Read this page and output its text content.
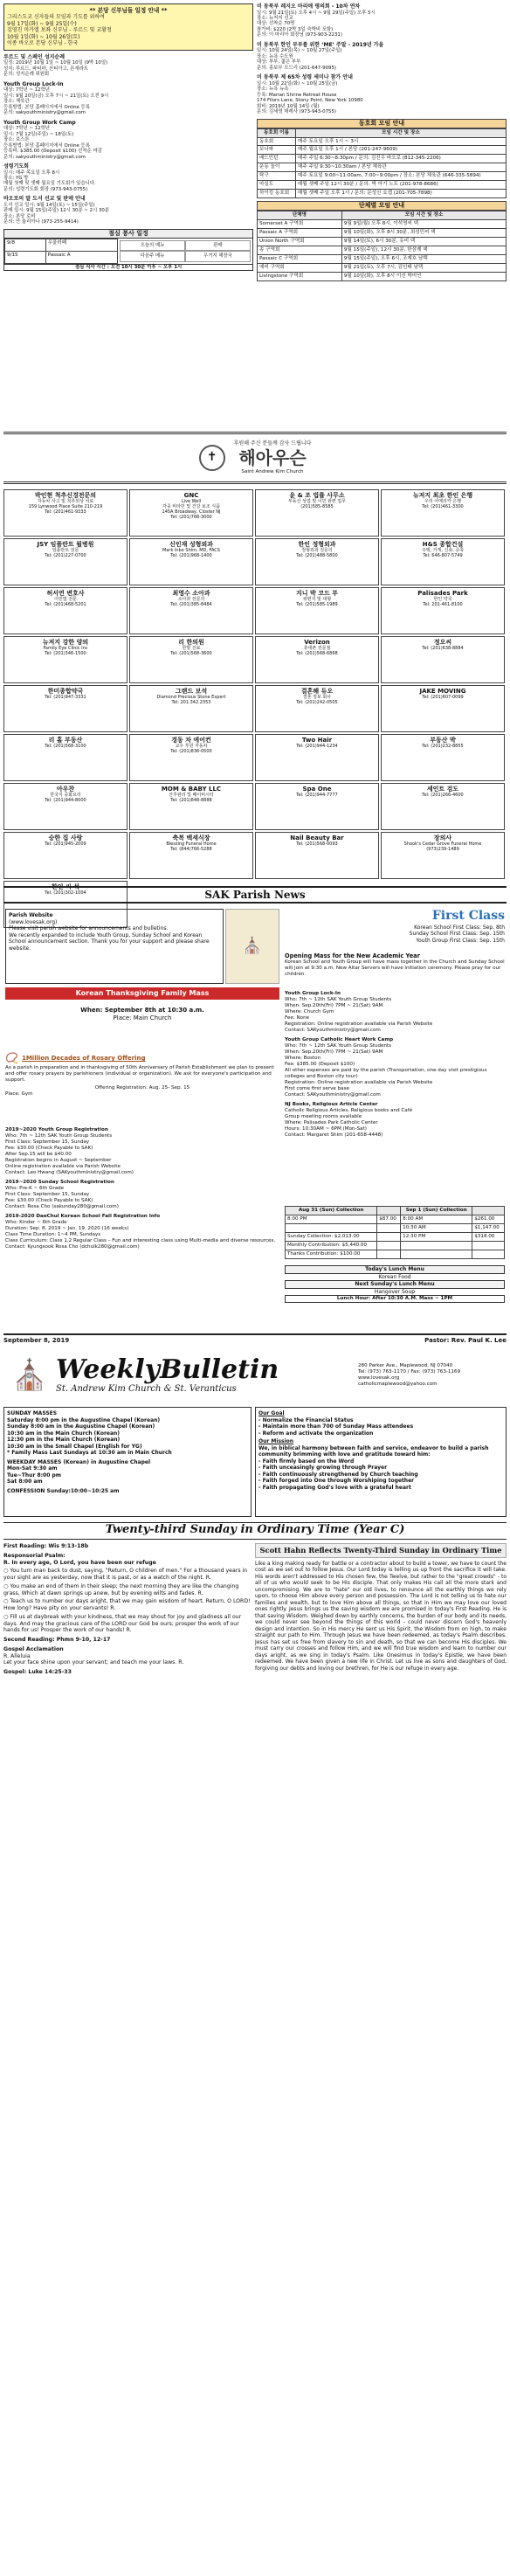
** 본당 신부님들 일정 안내 **
그리스도교 신자들의 모임과 기도를 위하여
9월 17일(화) ~ 9월 25일(수)
김영진 미카엘 보좌 신부님 - 루르드 및 교황청
10월 1일(화) ~ 10월 26일(토)
이종 바오로 본당 신부님 - 한국
루르드 및 스페인 성지순례
일정: 2019년 10월 1일 ~ 10월 10일 (9박 10일)
성지: 루르드, 파티마, 산티아고, 몬세라트
문의: 성지순례 위원회
Youth Group Lock-In
대상: 7학년 ~ 12학년
일시: 9월 20일(금) 오후 7시 ~ 21일(토) 오전 9시
장소: 체육관
등록방법: 본당 홈페이지에서 Online 등록
문의: sakyouthministry@gmail.com
Youth Group Work Camp
대상: 7학년 ~ 12학년
일시: 7월 12일(주일) ~ 18일(토)
장소: 보스톤
등록방법: 본당 홈페이지에서 Online 등록
등록비: $385.00 (Deposit $100) 선착순 마감
문의: sakyouthministry@gmail.com
성령기도회
일시: 매주 목요일 오후 8시
장소: YG 방
매월 첫째 및 셋째 월요일 기도회가 있습니다.
문의: 성령기도회 회장 (973-943-0755)
바오로의 말 도서 선교 및 판매 안내
도서 선교 일시: 9월 14일(토) ~ 15일(주일)
판매 일시: 9월 15일(주일) 12시 30분 ~ 2시 30분
장소: 본당 로비
문의: 안 율리아나 (973-255-9414)
점심 봉사 일정
9/8	우울러페
9/15	Passaic A
오늘의 메뉴	판매
다음주 메뉴	우거지 해장국
점심 식사 시간 : 오전 10시 30분 이후 ~ 오후 1시
미 동북부 레지오 마리애 평의회 - 10차 연차
일시: 9월 21일(토) 오후 4시 ~ 9월 29일(주일) 오후 5시
장소: 뉴저지 선교
대상: 선착순 70명
참가비: $220 (2박 3일 숙박비 포함)
문의: 이 마리아 회장님 (973-903-2231)
미 동북부 한인 부부를 위한 ‘ME’ 주말 - 2019년 가을
일시: 10월 24일(목) ~ 10월 27일(주일)
장소: 뉴욕 수도원
대상: 부부, 젊은 부부
문의: 홍보부 모드리 (201-647-9095)
미 동북부 제 65차 성령 세미나 참가 안내
일시: 10월 22일(화) ~ 10월 25일(금)
장소: 뉴욕 뉴욕
등록: Marian Shrine Retreat House
174 Filors Lane, Stony Point, New York 10980
회비: 2019년 10월 14일 (월)
문의: 김세영 데레사 (973-943-0755)
동호회 모임 안내
동호회 이름	모임 시간 및 장소
동호회	매주 토요일 오후 1시 ~ 3시
보나파	매주 월요일 오후 1시 / 본당 (201-247-9609)
배드민턴	매주 주일 6:30~8:30pm / 문의: 김진우 바오로 (812-345-2206)
운동 놀이	매주 주일 9:30~10:30am / 본당 체육관
탁구	매주 토요일 9:00~11:00am, 7:00~9:00pm / 장소: 본당 체육관 (646-335-5894)
마실도	매월 셋째 주일 12시 30분 / 문의: 박 아기 노트 (201-978-8686)
하이킹 동호회	매월 셋째 주일 오후 1시 / 문의: 문성신 요셉 (201-705-7898)
단체별 모임 안내
단체명	모임 시간 및 장소
Somerset A 구역회	9월 9일(월) 오후 8시, 이석영씨 댁
Passaic A 구역회	9월 10일(화), 오후 8시 30분, 최성민씨 댁
Union North 구역회	9월 14일(토), 6시 30분, 유비 댁
송 구역회	9월 15일(주일), 12시 30분, 한삼례 댁
Passaic C 구역회	9월 15일(주일), 오후 6시, 조제호 남택
예비 구역회	9월 21일(토), 오후 7시, 김인태 남택
Livingstone 구역회	9월 10일(화), 오후 8시 이선 박미인
✝
후원해 주신 분들께 감사 드립니다
해아우슨
Saint Andrew Kim Church
박인현 척추신경전문의
자동차 사고 및 척추외상 치료
159 Lynwood Place Suite 210-219
Tel: (201)461-9333
GNC
Live Well
각종 비타민 및 건강 보조 식품
145A Broadway, Closter NJ
Tel: (201)768-3000
윤 & 조 법률 사무소
부동산 상업 및 이민 관련 업무
(201)585-8585
뉴저지 최초 한인 은행
우리 아메리카 은행
Tel: (201)461-3300
JSY 임플란트 월병원
임플란트 전문
Tel: (201)227-0700
신인재 성형외과
Mark Inbo Shim, MD, FACS
Tel: (201)968-1400
한인 정형외과
정형외과 전문의
Tel: (201)488-5800
H&S 종합건설
주택, 가게, 신축, 증축
Tel: 646-807-5749
허서연 변호사
이민법 전문
Tel: (201)468-5201
최영수 소아과
소아과 전문의
Tel: (201)385-8484
지니 박 코드 부
위편지 및 대형
Tel: (201)585-1989
Palisades Park
한인 약국
Tel: 201-461-8100
뉴저지 강한 양의
Family Eye Clinic Inc
Tel: (201)346-1500
리 한의원
한방 진료
Tel: (201)568-3600
Verizon
휴대폰 전문점
Tel: (201)568-6868
정오씨
Tel: (201)638-8884
한미종합약국
Tel: (201)947-3331
그랜드 보석
Diamond Precious Stone Expert
Tel: 201.342.2353
결혼해 듀오
결혼 정보 회사
Tel: (201)242-0505
JAKE MOVING
Tel: (201)607-0099
리 홀 부동산
Tel: (201)568-3100
경동 차 에어컨
교우 후원 자동차
Tel: (201)836-0500
Two Hair
Tel: (201)944-1234
부동산 박
Tel: (201)232-8855
아우찬
한국식 중화요리
Tel: (201)944-8000
MOM & BABY LLC
산후관리 및 베이비시터
Tel: (201)848-8888
Spa One
Tel: (201)944-7777
세인트 검도
Tel: (201)266-4600
승한 집 사랑
Tel: (201)945-2009
축복 백세식장
Blessing Funeral Home
Tel: (844)766-5288
Nail Beauty Bar
Tel: (201)568-0093
장의사
Shook's Cedar Grove Funeral Home
(973)239-1489
한인 씨 석
Tel: (201)302-1004	SAK Parish News
Parish Website
(www.lovesak.org)
Please visit parish website for announcements and bulletins.
We recently expanded to include Youth Group, Sunday School and Korean School announcement section. Thank you for your support and please share website.	⛪
First Class
Korean School First Class: Sep. 8th
Sunday School First Class: Sep. 15th
Youth Group First Class: Sep. 15th
Opening Mass for the New Academic Year
Korean School and Youth Group will have mass together in the Church and Sunday School will join at 9:30 a.m. New Altar Servers will have initiation ceremony. Please pray for our children.
Korean Thanksgiving Family Mass
When: September 8th at 10:30 a.m.
Place: Main Church
📿 1Million Decades of Rosary Offering
As a parish in preparation and in thanksgiving of 50th Anniversary of Parish Establishment we plan to present and offer rosary prayers by parishioners (individual or organization). We ask for everyone's participation and support.
Offering Registration: Aug. 25- Sep. 15
Place: Gym
2019~2020 Youth Group Registration
Who: 7th ~ 12th SAK Youth Group Students
First Class: September 15, Sunday
Fee: $30.00 (Check Payable to SAK)
After Sep.15 will be $40.00
Registration begins in August ~ September
Online registration available via Parish Website
Contact: Leo Hwang (SAKyouthministry@gmail.com)
2019~2020 Sunday School Registration
Who: Pre-K ~ 6th Grade
First Class: September 15, Sunday
Fee: $30.00 (Check Payable to SAK)
Contact: Rosa Cho (sakunday280@gmail.com)
2019-2020 DaeChul Korean School Fall Registration Info
Who: Kinder ~ 6th Grade
Duration: Sep. 8, 2019 ~ Jan. 19, 2020 (16 weeks)
Class Time Duration: 1~4 PM, Sundays
Class Curriculum: Class 1,2 Regular Class – Fun and interesting class using Multi-media and diverse resources.
Contact: Kyungsook Rosa Cho (dchulk280@gmail.com)
Youth Group Lock-In
Who: 7th ~ 12th SAK Youth Group Students
When: Sep.20th(Fri) 7PM ~ 21(Sat) 9AM
Where: Church Gym
Fee: None
Registration: Online registration available via Parish Website
Contact: SAKyouthministry@gmail.com
Youth Group Catholic Heart Work Camp
Who: 7th ~ 12th SAK Youth Group Students
When: Sep.20th(Fri) 7PM ~ 21(Sat) 9AM
Where: Boston
Fee: $385.00 (Deposit $100)
All other expenses are paid by the parish (Transportation, one day visit prestigious colleges and Boston city tour)
Registration: Online registration available via Parish Website
First come first serve base
Contact: SAKyouthministry@gmail.com
NJ Books, Religious Article Center
Catholic Religious Articles, Religious books and Café
Group meeting rooms available
Where: Palisades Park Catholic Center
Hours: 10:30AM ~ 6PM (Mon-Sat)
Contact: Margaret Shim (201-658-4448)
Aug 31 (Sun) Collection		Sep 1 (Sun) Collection	
8:00 PM	$87.00	8:00 AM	$261.00
		10:30 AM	$1,147.00
Sunday Collection: $2,013.00		12:30 PM	$318.00
Monthly Contribution: $5,440.00			
Thanks Contribution: $100.00			
Today's Lunch Menu
Korean Food
Next Sunday's Lunch Menu
Hangover Soup
Lunch Hour: After 10:30 A.M. Mass ~ 1PM
September 8, 2019	Pastor: Rev. Paul K. Lee
⛪ WeeklyBulletin
St. Andrew Kim Church & St. Veranticus
280 Parker Ave., Maplewood, NJ 07040
Tel: (973) 763-1170 / Fax: (973) 763-1169
www.lovesak.org
catholicmaplewood@yahoo.com
SUNDAY MASSES
Saturday 8:00 pm in the Augustine Chapel (Korean)
Sunday 8:00 am in the Augustine Chapel (Korean)
10:30 am in the Main Church (Korean)
12:30 pm in the Main Church (Korean)
10:30 am in the Small Chapel (English for YG)
* Family Mass Last Sundays at 10:30 am in Main Church
WEEKDAY MASSES (Korean) in Augustine Chapel
Mon-Sat 9:30 am
Tue~Thur 8:00 pm
Sat 8:00 am
CONFESSION Sunday:10:00~10:25 am
Our Goal
- Normalize the Financial Status
- Maintain more than 700 of Sunday Mass attendees
- Reform and activate the organization
Our Mission
We, in biblical harmony between faith and service, endeavor to build a parish community brimming with love and gratitude toward him:
- Faith firmly based on the Word
- Faith unceasingly growing through Prayer
- Faith continuously strengthened by Church teaching
- Faith forged into One through Worshiping together
- Faith propagating God's love with a grateful heart
Twenty-third Sunday in Ordinary Time (Year C)
First Reading: Wis 9:13-18b
Responsorial Psalm:
R. In every age, O Lord, you have been our refuge
○ You turn man back to dust, saying, "Return, O children of men." For a thousand years in your sight are as yesterday, now that it is past, or as a watch of the night. R.
○ You make an end of them in their sleep; the next morning they are like the changing grass, Which at dawn springs up anew, but by evening wilts and fades. R.
○ Teach us to number our days aright, that we may gain wisdom of heart. Return, O LORD! How long? Have pity on your servants! R.
○ Fill us at daybreak with your kindness, that we may shout for joy and gladness all our days. And may the gracious care of the LORD our God be ours; prosper the work of our hands for us! Prosper the work of our hands! R.
Second Reading: Phmn 9-10, 12-17
Gospel Acclamation
R. Alleluia
Let your face shine upon your servant; and teach me your laws. R.
Gospel: Luke 14:25-33
Scott Hahn Reflects Twenty-Third Sunday in Ordinary Time
Like a king making ready for battle or a contractor about to build a tower, we have to count the cost as we set out to follow Jesus. Our Lord today is telling us up front the sacrifice it will take. His words aren't addressed to His chosen few, the Twelve, but rather to the "great crowds" - to all of us who would seek to be His disciple. That only makes His call all the more stark and uncompromising. We are to "hate" our old lives, to renounce all the earthly things we rely upon, to choose Him above every person and possession. The Lord is not telling us to hate our families and wealth, but to love Him above all things, so that in Him we may love our loved ones rightly. Jesus brings us the saving wisdom we are promised in today's First Reading. He is that saving Wisdom. Weighed down by earthly concerns, the burden of our body and its needs, we could never see beyond the things of this world - could never discern God's heavenly design and intention. So in His mercy He sent us His Spirit, the Wisdom from on high, to make straight our path to Him. Through Jesus we have been redeemed, as today's Psalm describes. Jesus has set us free from slavery to sin and death, so that we can become His disciples. We must carry our crosses and follow Him, and we will find true wisdom and learn to number our days aright, as we sing in today's Psalm. Like Onesimus in today's Epistle, we have been redeemed. We have been given a new life in Christ. Let us live as sons and daughters of God, forgiving our debts and loving our brethren, for He is our refuge in every age.
